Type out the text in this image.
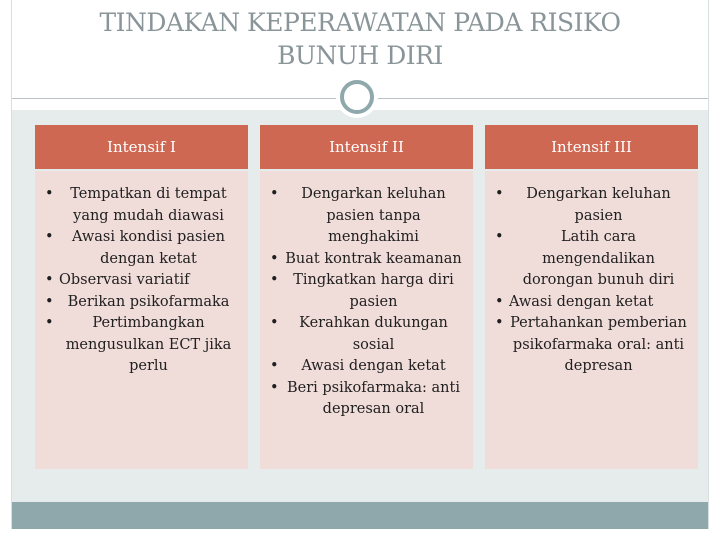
TINDAKAN KEPERAWATAN PADA RISIKO
BUNUH DIRI
Intensif I
• Tempatkan di tempat yang mudah diawasi
• Awasi kondisi pasien dengan ketat
• Observasi variatif
• Berikan psikofarmaka
• Pertimbangkan mengusulkan ECT jika perlu
Intensif II
• Dengarkan keluhan pasien tanpa menghakimi
• Buat kontrak keamanan
• Tingkatkan harga diri pasien
• Kerahkan dukungan sosial
• Awasi dengan ketat
• Beri psikofarmaka: anti depresan oral
Intensif III
• Dengarkan keluhan pasien
• Latih cara mengendalikan dorongan bunuh diri
• Awasi dengan ketat
• Pertahankan pemberian psikofarmaka oral: anti depresan
